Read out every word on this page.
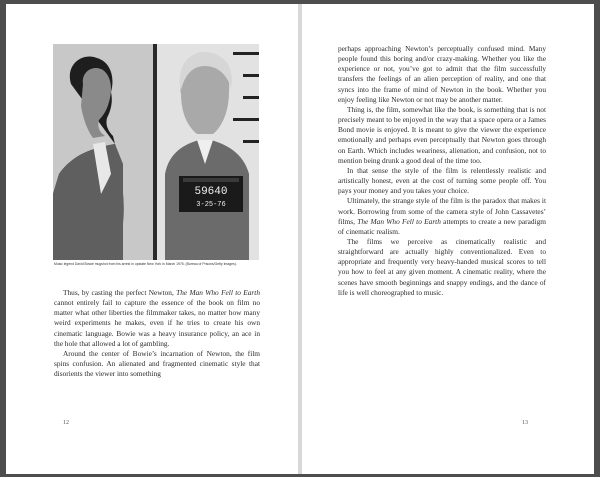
59640
3-25-76
Music legend David Bowie mugshot from his arrest in upstate New York in March 1976. (Bureau of Prisons/Getty Images).

Thus, by casting the perfect Newton, The Man Who Fell to Earth cannot entirely fail to capture the essence of the book on film no matter what other liberties the filmmaker takes, no matter how many weird experiments he makes, even if he tries to create his own cinematic language. Bowie was a heavy insurance policy, an ace in the hole that allowed a lot of gambling.

Around the center of Bowie’s incarnation of Newton, the film spins confusion. An alienated and fragmented cinematic style that disorients the viewer into something

12

perhaps approaching Newton’s perceptually confused mind. Many people found this boring and/or crazy-making. Whether you like the experience or not, you’ve got to admit that the film successfully transfers the feelings of an alien perception of reality, and one that syncs into the frame of mind of Newton in the book. Whether you enjoy feeling like Newton or not may be another matter.

Thing is, the film, somewhat like the book, is something that is not precisely meant to be enjoyed in the way that a space opera or a James Bond movie is enjoyed. It is meant to give the viewer the experience emotionally and perhaps even perceptually that Newton goes through on Earth. Which includes weariness, alienation, and confusion, not to mention being drunk a good deal of the time too.

In that sense the style of the film is relentlessly realistic and artistically honest, even at the cost of turning some people off. You pays your money and you takes your choice.

Ultimately, the strange style of the film is the paradox that makes it work. Borrowing from some of the camera style of John Cassavetes’ films, The Man Who Fell to Earth attempts to create a new paradigm of cinematic realism.

The films we perceive as cinematically realistic and straightforward are actually highly conventionalized. Even to appropriate and frequently very heavy-handed musical scores to tell you how to feel at any given moment. A cinematic reality, where the scenes have smooth beginnings and snappy endings, and the dance of life is well choreographed to music.

13
